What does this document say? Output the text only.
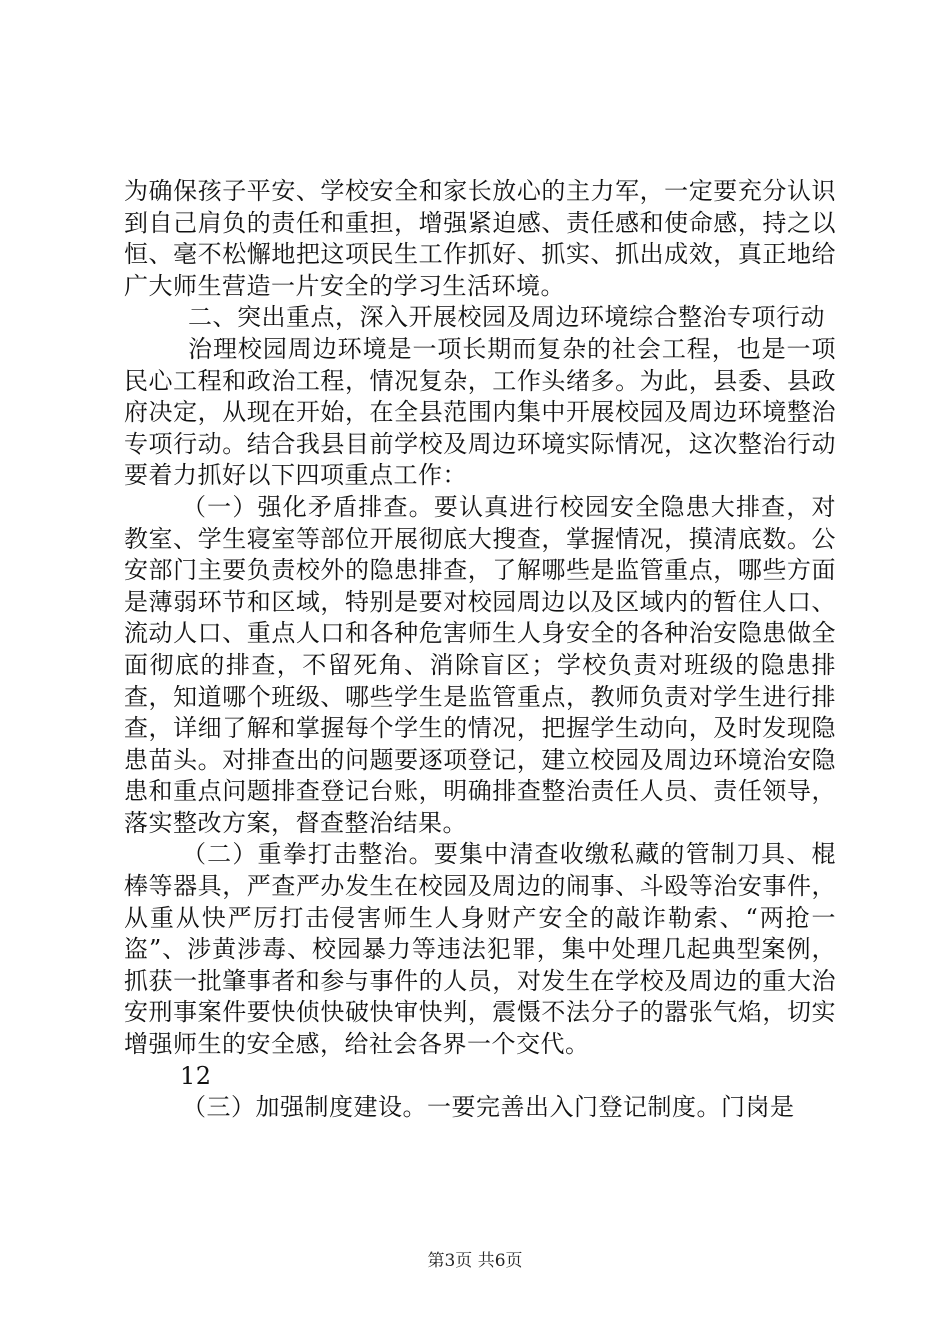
为确保孩子平安、学校安全和家长放心的主力军，一定要充分认识到自己肩负的责任和重担，增强紧迫感、责任感和使命感，持之以恒、毫不松懈地把这项民生工作抓好、抓实、抓出成效，真正地给广大师生营造一片安全的学习生活环境。

二、突出重点，深入开展校园及周边环境综合整治专项行动

治理校园周边环境是一项长期而复杂的社会工程，也是一项民心工程和政治工程，情况复杂，工作头绪多。为此，县委、县政府决定，从现在开始，在全县范围内集中开展校园及周边环境整治专项行动。结合我县目前学校及周边环境实际情况，这次整治行动要着力抓好以下四项重点工作：

（一）强化矛盾排查。要认真进行校园安全隐患大排查，对教室、学生寝室等部位开展彻底大搜查，掌握情况，摸清底数。公安部门主要负责校外的隐患排查，了解哪些是监管重点，哪些方面是薄弱环节和区域，特别是要对校园周边以及区域内的暂住人口、流动人口、重点人口和各种危害师生人身安全的各种治安隐患做全面彻底的排查，不留死角、消除盲区；学校负责对班级的隐患排查，知道哪个班级、哪些学生是监管重点，教师负责对学生进行排查，详细了解和掌握每个学生的情况，把握学生动向，及时发现隐患苗头。对排查出的问题要逐项登记，建立校园及周边环境治安隐患和重点问题排查登记台账，明确排查整治责任人员、责任领导，落实整改方案，督查整治结果。

（二）重拳打击整治。要集中清查收缴私藏的管制刀具、棍棒等器具，严查严办发生在校园及周边的闹事、斗殴等治安事件，从重从快严厉打击侵害师生人身财产安全的敲诈勒索、“两抢一盗”、涉黄涉毒、校园暴力等违法犯罪，集中处理几起典型案例，抓获一批肇事者和参与事件的人员，对发生在学校及周边的重大治安刑事案件要快侦快破快审快判，震慑不法分子的嚣张气焰，切实增强师生的安全感，给社会各界一个交代。

12

（三）加强制度建设。一要完善出入门登记制度。门岗是

第3页 共6页
